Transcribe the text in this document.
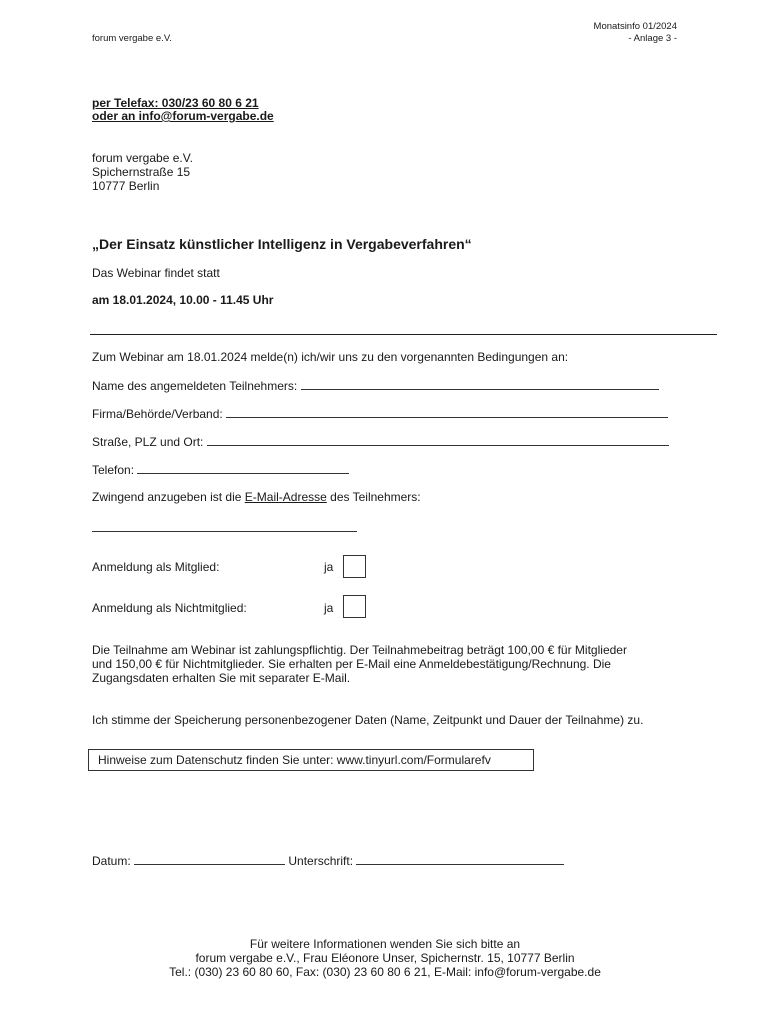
forum vergabe e.V.
Monatsinfo 01/2024
- Anlage 3 -
per Telefax: 030/23 60 80 6 21
oder an info@forum-vergabe.de
forum vergabe e.V.
Spichernstraße 15
10777 Berlin
„Der Einsatz künstlicher Intelligenz in Vergabeverfahren“
Das Webinar findet statt
am 18.01.2024, 10.00 - 11.45 Uhr
Zum Webinar am 18.01.2024 melde(n) ich/wir uns zu den vorgenannten Bedingungen an:
Name des angemeldeten Teilnehmers:
Firma/Behörde/Verband:
Straße, PLZ und Ort:
Telefon:
Zwingend anzugeben ist die E-Mail-Adresse des Teilnehmers:
Anmeldung als Mitglied:	ja
Anmeldung als Nichtmitglied:	ja
Die Teilnahme am Webinar ist zahlungspflichtig. Der Teilnahmebeitrag beträgt 100,00 € für Mitglieder
und 150,00 € für Nichtmitglieder. Sie erhalten per E-Mail eine Anmeldebestätigung/Rechnung. Die
Zugangsdaten erhalten Sie mit separater E-Mail.
Ich stimme der Speicherung personenbezogener Daten (Name, Zeitpunkt und Dauer der Teilnahme) zu.
Hinweise zum Datenschutz finden Sie unter: www.tinyurl.com/Formularefv
Datum:	Unterschrift:
Für weitere Informationen wenden Sie sich bitte an
forum vergabe e.V., Frau Eléonore Unser, Spichernstr. 15, 10777 Berlin
Tel.: (030) 23 60 80 60, Fax: (030) 23 60 80 6 21, E-Mail: info@forum-vergabe.de
